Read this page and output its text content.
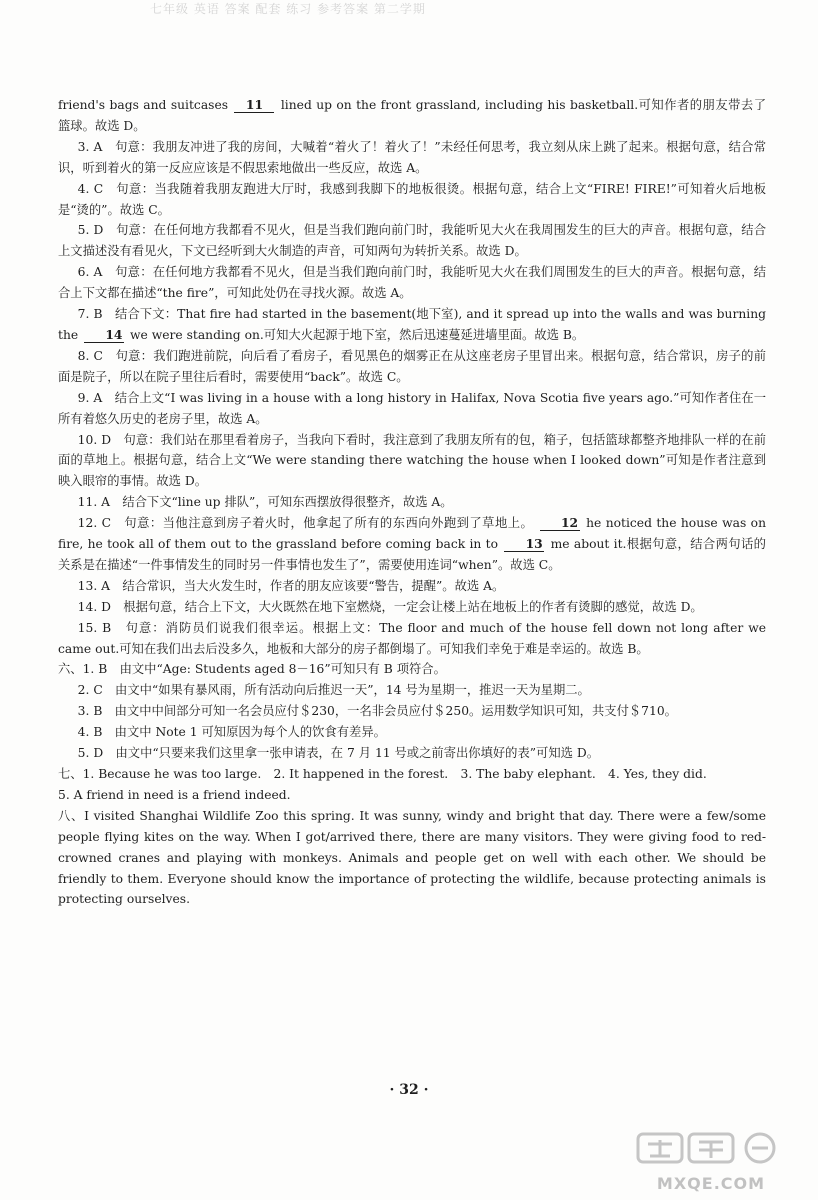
七年级 英语 答案 配套 练习 参考答案 第二学期

friend's bags and suitcases 11 lined up on the front grassland, including his basketball.可知作者的朋友带去了篮球。故选 D。

3. A　句意：我朋友冲进了我的房间，大喊着“着火了！着火了！”未经任何思考，我立刻从床上跳了起来。根据句意，结合常识，听到着火的第一反应应该是不假思索地做出一些反应，故选 A。

4. C　句意：当我随着我朋友跑进大厅时，我感到我脚下的地板很烫。根据句意，结合上文“FIRE! FIRE!”可知着火后地板是“烫的”。故选 C。

5. D　句意：在任何地方我都看不见火，但是当我们跑向前门时，我能听见大火在我周围发生的巨大的声音。根据句意，结合上文描述没有看见火，下文已经听到大火制造的声音，可知两句为转折关系。故选 D。

6. A　句意：在任何地方我都看不见火，但是当我们跑向前门时，我能听见大火在我们周围发生的巨大的声音。根据句意，结合上下文都在描述“the fire”，可知此处仍在寻找火源。故选 A。

7. B　结合下文：That fire had started in the basement(地下室), and it spread up into the walls and was burning the 14 we were standing on.可知大火起源于地下室，然后迅速蔓延进墙里面。故选 B。

8. C　句意：我们跑进前院，向后看了看房子，看见黑色的烟雾正在从这座老房子里冒出来。根据句意，结合常识，房子的前面是院子，所以在院子里往后看时，需要使用“back”。故选 C。

9. A　结合上文“I was living in a house with a long history in Halifax, Nova Scotia five years ago.”可知作者住在一所有着悠久历史的老房子里，故选 A。

10. D　句意：我们站在那里看着房子，当我向下看时，我注意到了我朋友所有的包，箱子，包括篮球都整齐地排队一样的在前面的草地上。根据句意，结合上文“We were standing there watching the house when I looked down”可知是作者注意到映入眼帘的事情。故选 D。

11. A　结合下文“line up 排队”，可知东西摆放得很整齐，故选 A。

12. C　句意：当他注意到房子着火时，他拿起了所有的东西向外跑到了草地上。 12 he noticed the house was on fire, he took all of them out to the grassland before coming back in to 13 me about it.根据句意，结合两句话的关系是在描述“一件事情发生的同时另一件事情也发生了”，需要使用连词“when”。故选 C。

13. A　结合常识，当大火发生时，作者的朋友应该要“警告，提醒”。故选 A。

14. D　根据句意，结合上下文，大火既然在地下室燃烧，一定会让楼上站在地板上的作者有烫脚的感觉，故选 D。

15. B　句意：消防员们说我们很幸运。根据上文：The floor and much of the house fell down not long after we came out.可知在我们出去后没多久，地板和大部分的房子都倒塌了。可知我们幸免于难是幸运的。故选 B。

六、1. B　由文中“Age: Students aged 8－16”可知只有 B 项符合。

2. C　由文中“如果有暴风雨，所有活动向后推迟一天”，14 号为星期一，推迟一天为星期二。

3. B　由文中中间部分可知一名会员应付＄230，一名非会员应付＄250。运用数学知识可知，共支付＄710。

4. B　由文中 Note 1 可知原因为每个人的饮食有差异。

5. D　由文中“只要来我们这里拿一张申请表，在 7 月 11 号或之前寄出你填好的表”可知选 D。

七、1. Because he was too large.　2. It happened in the forest.　3. The baby elephant.　4. Yes, they did.

5. A friend in need is a friend indeed.

八、I visited Shanghai Wildlife Zoo this spring. It was sunny, windy and bright that day. There were a few/some people flying kites on the way. When I got/arrived there, there are many visitors. They were giving food to red-crowned cranes and playing with monkeys. Animals and people get on well with each other. We should be friendly to them. Everyone should know the importance of protecting the wildlife, because protecting animals is protecting ourselves.

· 32 ·
MXQE.COM
